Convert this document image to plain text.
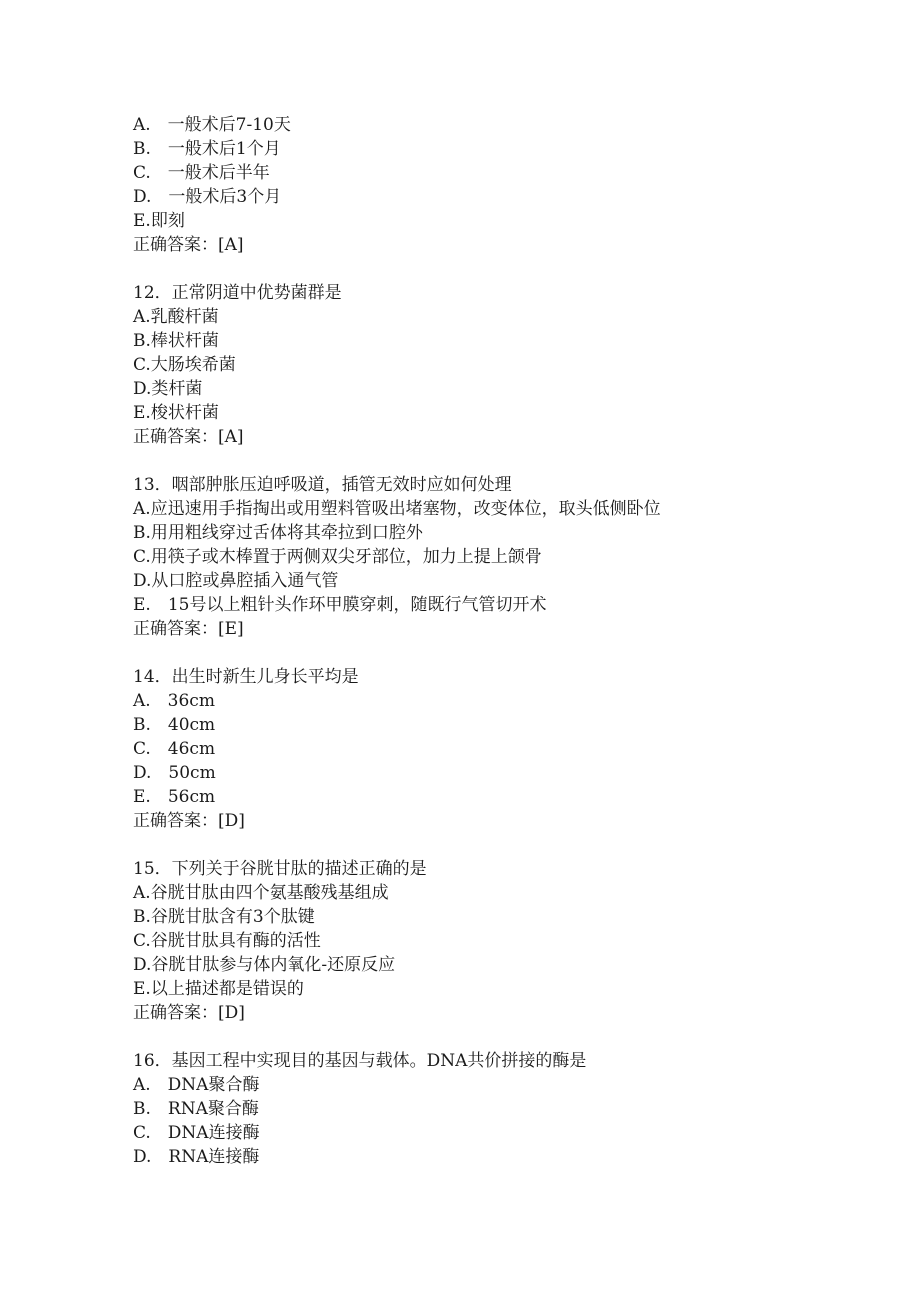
A.　一般术后7-10天
B.　一般术后1个月
C.　一般术后半年
D.　一般术后3个月
E.即刻
正确答案：[A]
12．正常阴道中优势菌群是
A.乳酸杆菌
B.棒状杆菌
C.大肠埃希菌
D.类杆菌
E.梭状杆菌
正确答案：[A]
13．咽部肿胀压迫呼吸道，插管无效时应如何处理
A.应迅速用手指掏出或用塑料管吸出堵塞物，改变体位，取头低侧卧位
B.用用粗线穿过舌体将其牵拉到口腔外
C.用筷子或木棒置于两侧双尖牙部位，加力上提上颌骨
D.从口腔或鼻腔插入通气管
E.　15号以上粗针头作环甲膜穿刺，随既行气管切开术
正确答案：[E]
14．出生时新生儿身长平均是
A.　36cm
B.　40cm
C.　46cm
D.　50cm
E.　56cm
正确答案：[D]
15．下列关于谷胱甘肽的描述正确的是
A.谷胱甘肽由四个氨基酸残基组成
B.谷胱甘肽含有3个肽键
C.谷胱甘肽具有酶的活性
D.谷胱甘肽参与体内氧化-还原反应
E.以上描述都是错误的
正确答案：[D]
16．基因工程中实现目的基因与载体。DNA共价拼接的酶是
A.　DNA聚合酶
B.　RNA聚合酶
C.　DNA连接酶
D.　RNA连接酶
